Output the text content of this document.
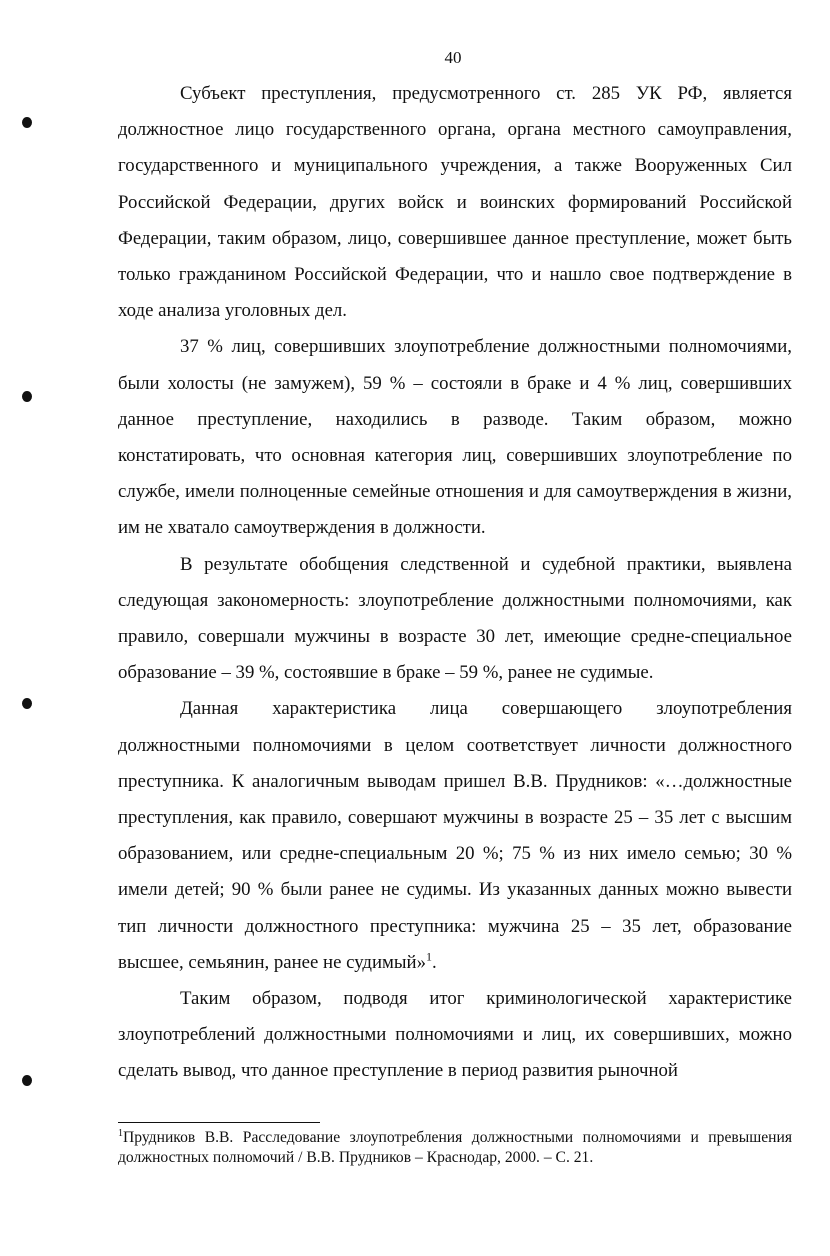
40

Субъект преступления, предусмотренного ст. 285 УК РФ, является должностное лицо государственного органа, органа местного самоуправления, государственного и муниципального учреждения, а также Вооруженных Сил Российской Федерации, других войск и воинских формирований Российской Федерации, таким образом, лицо, совершившее данное преступление, может быть только гражданином Российской Федерации, что и нашло свое подтверждение в ходе анализа уголовных дел.

37 % лиц, совершивших злоупотребление должностными полномочиями, были холосты (не замужем), 59 % – состояли в браке и 4 % лиц, совершивших данное преступление, находились в разводе. Таким образом, можно констатировать, что основная категория лиц, совершивших злоупотребление по службе, имели полноценные семейные отношения и для самоутверждения в жизни, им не хватало самоутверждения в должности.

В результате обобщения следственной и судебной практики, выявлена следующая закономерность: злоупотребление должностными полномочиями, как правило, совершали мужчины в возрасте 30 лет, имеющие средне-специальное образование – 39 %, состоявшие в браке – 59 %, ранее не судимые.

Данная характеристика лица совершающего злоупотребления должностными полномочиями в целом соответствует личности должностного преступника. К аналогичным выводам пришел В.В. Прудников: «…должностные преступления, как правило, совершают мужчины в возрасте 25 – 35 лет с высшим образованием, или средне-специальным 20 %; 75 % из них имело семью; 30 % имели детей; 90 % были ранее не судимы. Из указанных данных можно вывести тип личности должностного преступника: мужчина 25 – 35 лет, образование высшее, семьянин, ранее не судимый»$^1$.

Таким образом, подводя итог криминологической характеристике злоупотреблений должностными полномочиями и лиц, их совершивших, можно сделать вывод, что данное преступление в период развития рыночной

$^1$Прудников В.В. Расследование злоупотребления должностными полномочиями и превышения должностных полномочий / В.В. Прудников – Краснодар, 2000. – С. 21.
